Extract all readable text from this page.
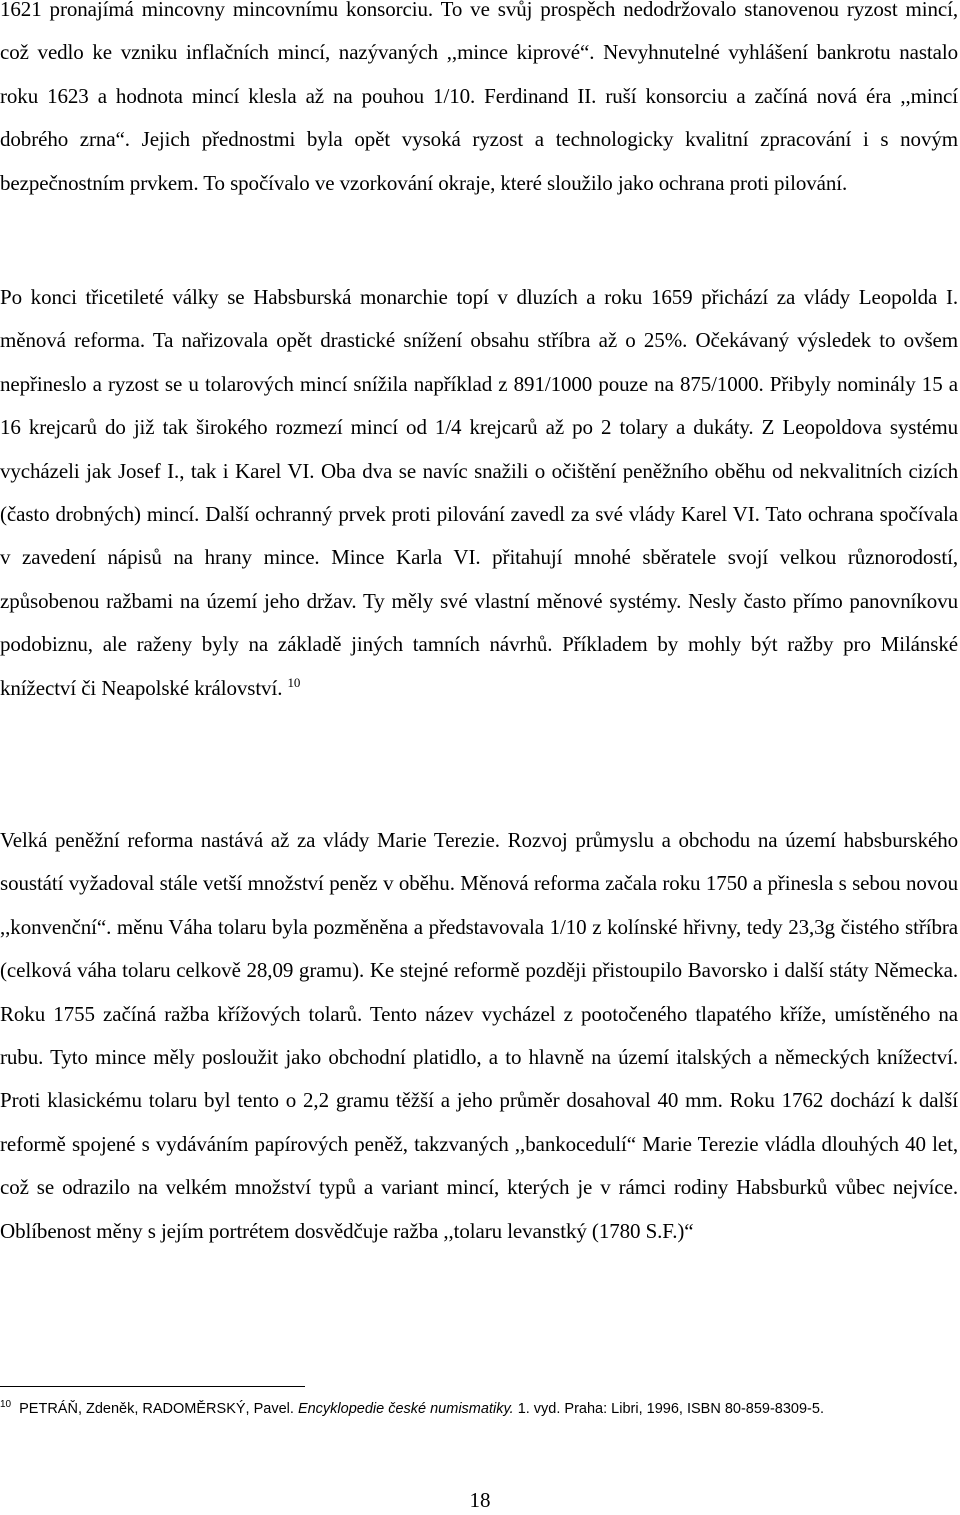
1621 pronajímá mincovny mincovnímu konsorciu. To ve svůj prospěch nedodržovalo stanovenou ryzost mincí, což vedlo ke vzniku inflačních mincí, nazývaných ,,mince kiprové“. Nevyhnutelné vyhlášení bankrotu nastalo roku 1623 a hodnota mincí klesla až na pouhou 1/10. Ferdinand II. ruší konsorciu a začíná nová éra ,,mincí dobrého zrna“. Jejich přednostmi byla opět vysoká ryzost a technologicky kvalitní zpracování i s novým bezpečnostním prvkem. To spočívalo ve vzorkování okraje, které sloužilo jako ochrana proti pilování.

Po konci třicetileté války se Habsburská monarchie topí v dluzích a roku 1659 přichází za vlády Leopolda I. měnová reforma. Ta nařizovala opět drastické snížení obsahu stříbra až o 25%. Očekávaný výsledek to ovšem nepřineslo a ryzost se u tolarových mincí snížila například z 891/1000 pouze na 875/1000. Přibyly nominály 15 a 16 krejcarů do již tak širokého rozmezí mincí od 1/4 krejcarů až po 2 tolary a dukáty. Z Leopoldova systému vycházeli jak Josef I., tak i Karel VI. Oba dva se navíc snažili o očištění peněžního oběhu od nekvalitních cizích (často drobných) mincí. Další ochranný prvek proti pilování zavedl za své vlády Karel VI. Tato ochrana spočívala v zavedení nápisů na hrany mince. Mince Karla VI. přitahují mnohé sběratele svojí velkou různorodostí, způsobenou ražbami na území jeho držav. Ty měly své vlastní měnové systémy. Nesly často přímo panovníkovu podobiznu, ale raženy byly na základě jiných tamních návrhů. Příkladem by mohly být ražby pro Milánské knížectví či Neapolské království. $^{10}$

Velká peněžní reforma nastává až za vlády Marie Terezie. Rozvoj průmyslu a obchodu na území habsburského soustátí vyžadoval stále vetší množství peněz v oběhu. Měnová reforma začala roku 1750 a přinesla s sebou novou ,,konvenční“. měnu Váha tolaru byla pozměněna a představovala 1/10 z kolínské hřivny, tedy 23,3g čistého stříbra (celková váha tolaru celkově 28,09 gramu). Ke stejné reformě později přistoupilo Bavorsko i další státy Německa. Roku 1755 začíná ražba křížových tolarů. Tento název vycházel z pootočeného tlapatého kříže, umístěného na rubu. Tyto mince měly posloužit jako obchodní platidlo, a to hlavně na území italských a německých knížectví. Proti klasickému tolaru byl tento o 2,2 gramu těžší a jeho průměr dosahoval 40 mm. Roku 1762 dochází k další reformě spojené s vydáváním papírových peněž, takzvaných ,,bankocedulí“ Marie Terezie vládla dlouhých 40 let, což se odrazilo na velkém množství typů a variant mincí, kterých je v rámci rodiny Habsburků vůbec nejvíce. Oblíbenost měny s jejím portrétem dosvědčuje ražba ,,tolaru levanstký (1780 S.F.)“

$^{10}$ PETRÁŇ, Zdeněk, RADOMĚRSKÝ, Pavel. Encyklopedie české numismatiky. 1. vyd. Praha: Libri, 1996, ISBN 80-859-8309-5.
18
